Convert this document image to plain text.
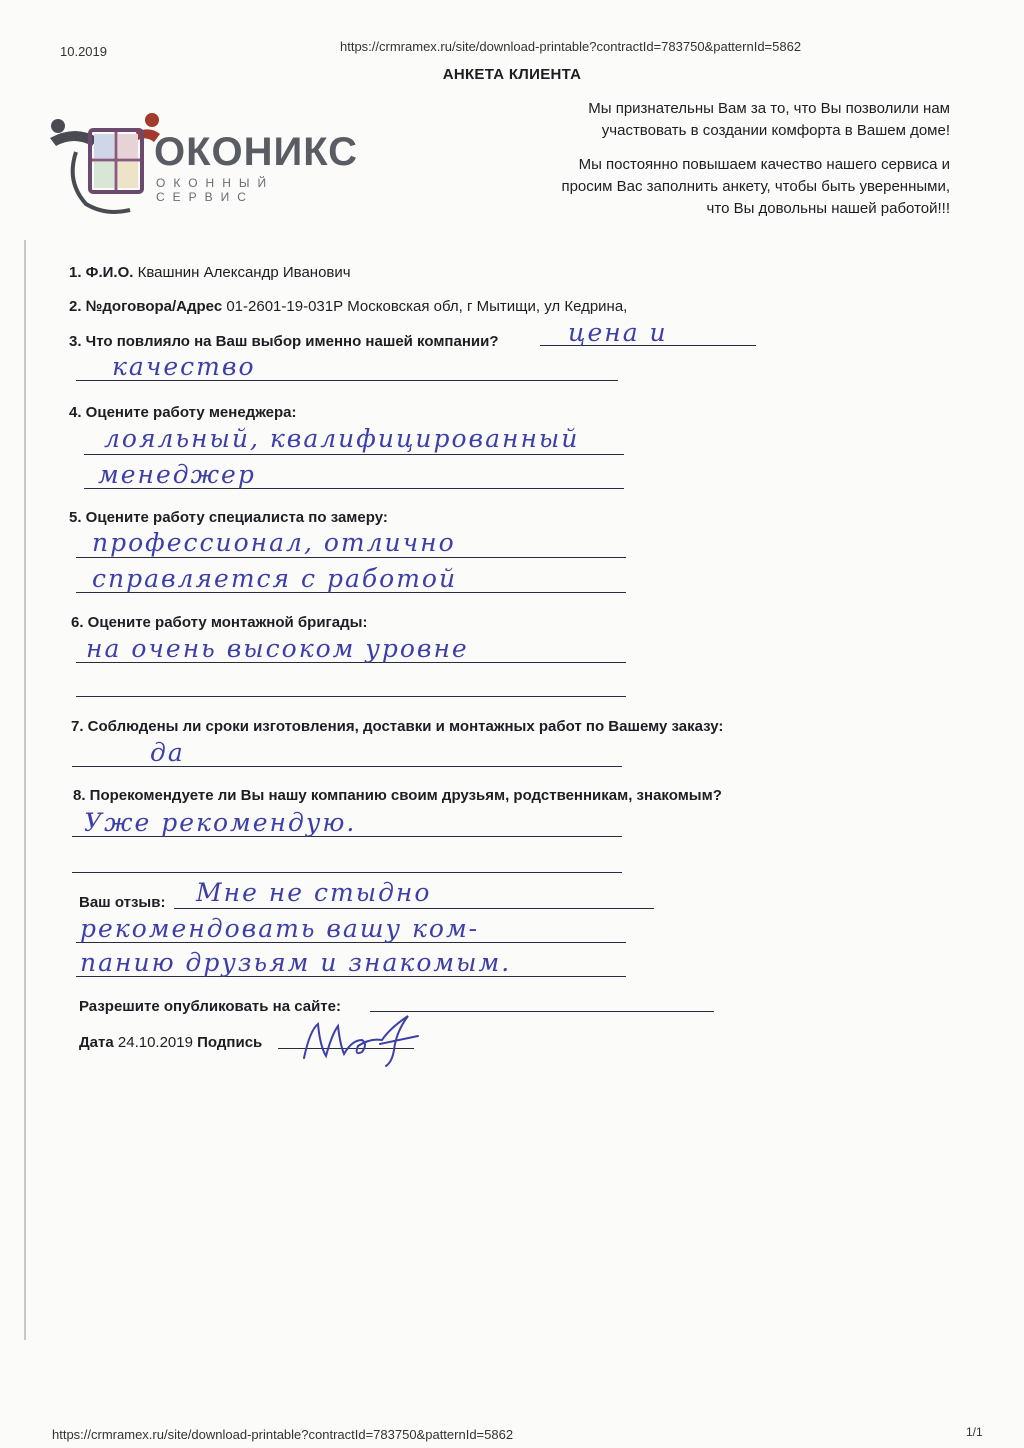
10.2019	https://crmramex.ru/site/download-printable?contractId=783750&patternId=5862
АНКЕТА КЛИЕНТА

Мы признательны Вам за то, что Вы позволили нам
участвовать в создании комфорта в Вашем доме!

Мы постоянно повышаем качество нашего сервиса и
просим Вас заполнить анкету, чтобы быть уверенными,
что Вы довольны нашей работой!!!

ОКОНИКС
ОКОННЫЙ СЕРВИС
1. Ф.И.О. Квашнин Александр Иванович
2. №договора/Адрес 01-2601-19-031Р Московская обл, г Мытищи, ул Кедрина,
3. Что повлияло на Ваш выбор именно нашей компании?	цена и
качество
4. Оцените работу менеджера:
лояльный, квалифицированный
менеджер
5. Оцените работу специалиста по замеру:
профессионал, отлично
справляется с работой
6. Оцените работу монтажной бригады:
на очень высоком уровне
7. Соблюдены ли сроки изготовления, доставки и монтажных работ по Вашему заказу:
да
8. Порекомендуете ли Вы нашу компанию своим друзьям, родственникам, знакомым?
Уже рекомендую.
Ваш отзыв: Мне не стыдно
рекомендовать вашу ком-
панию друзьям и знакомым.
Разрешите опубликовать на сайте:
Дата 24.10.2019 Подпись
https://crmramex.ru/site/download-printable?contractId=783750&patternId=5862	1/1
